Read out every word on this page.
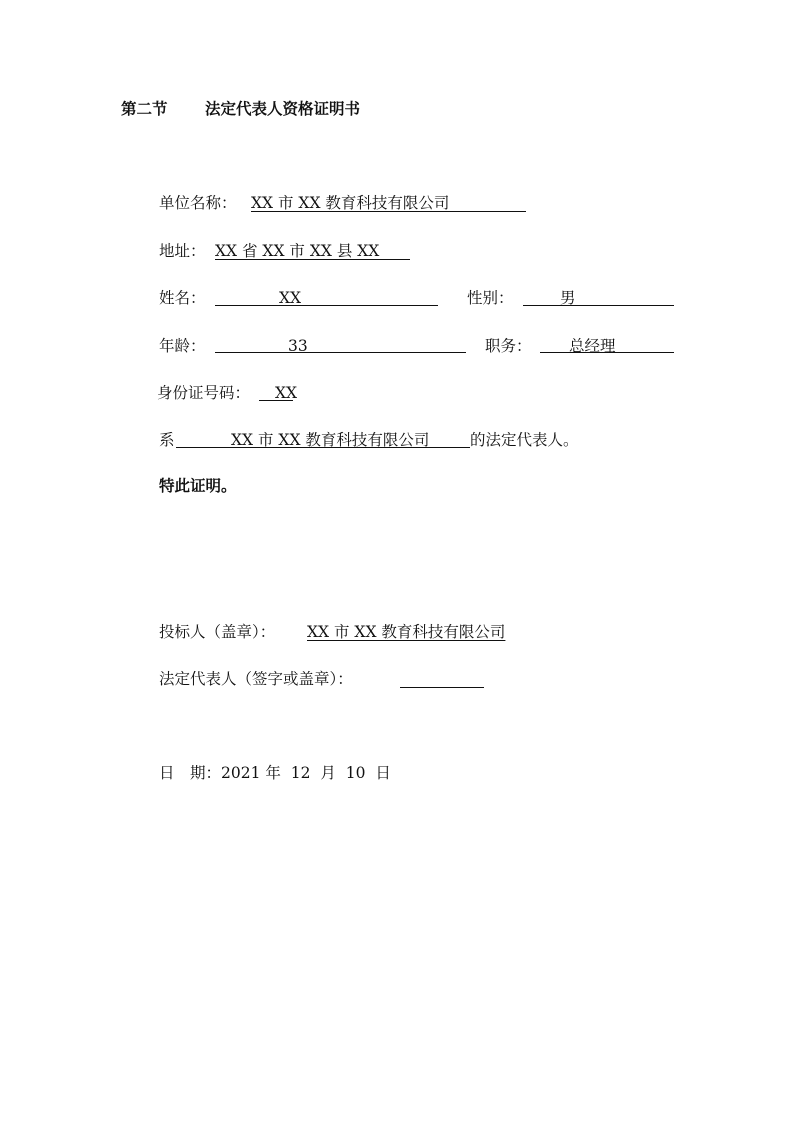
第二节 法定代表人资格证明书
单位名称： XX 市 XX 教育科技有限公司
地址： XX 省 XX 市 XX 县 XX
姓名：	XX	性别：	男
年龄：	33	职务： 总经理
身份证号码： XX
系	XX 市 XX 教育科技有限公司	的法定代表人。
特此证明。
投标人（盖章）： XX 市 XX 教育科技有限公司
法定代表人（签字或盖章）：
日　期：2021 年 12 月 10 日
